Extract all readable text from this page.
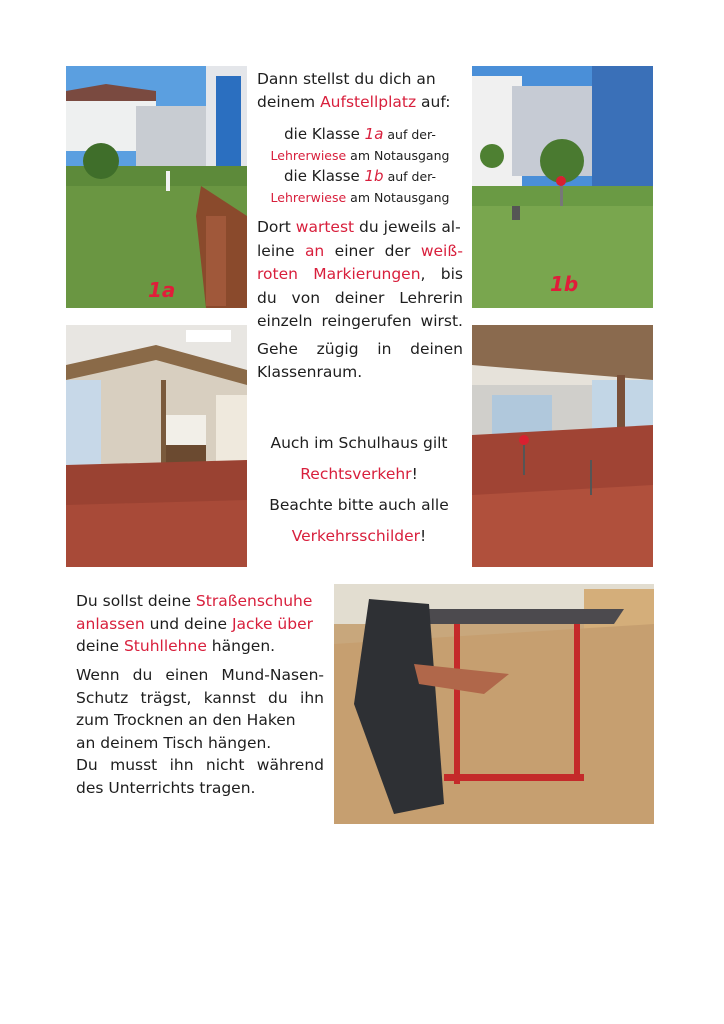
1a	1b
Dann stellst du dich an
deinem Aufstellplatz auf:
die Klasse 1a auf der-
Lehrerwiese am Notausgang
die Klasse 1b auf der-
Lehrerwiese am Notausgang
Dort wartest du jeweils al-
leine an einer der weiß-
roten Markierungen, bis
du von deiner Lehrerin
einzeln reingerufen wirst.
Gehe zügig in deinen
Klassenraum.
Auch im Schulhaus gilt
Rechtsverkehr!
Beachte bitte auch alle
Verkehrsschilder!
Du sollst deine Straßenschuhe
anlassen und deine Jacke über
deine Stuhllehne hängen.
Wenn du einen Mund-Nasen-
Schutz trägst, kannst du ihn
zum Trocknen an den Haken
an deinem Tisch hängen.
Du musst ihn nicht während
des Unterrichts tragen.
